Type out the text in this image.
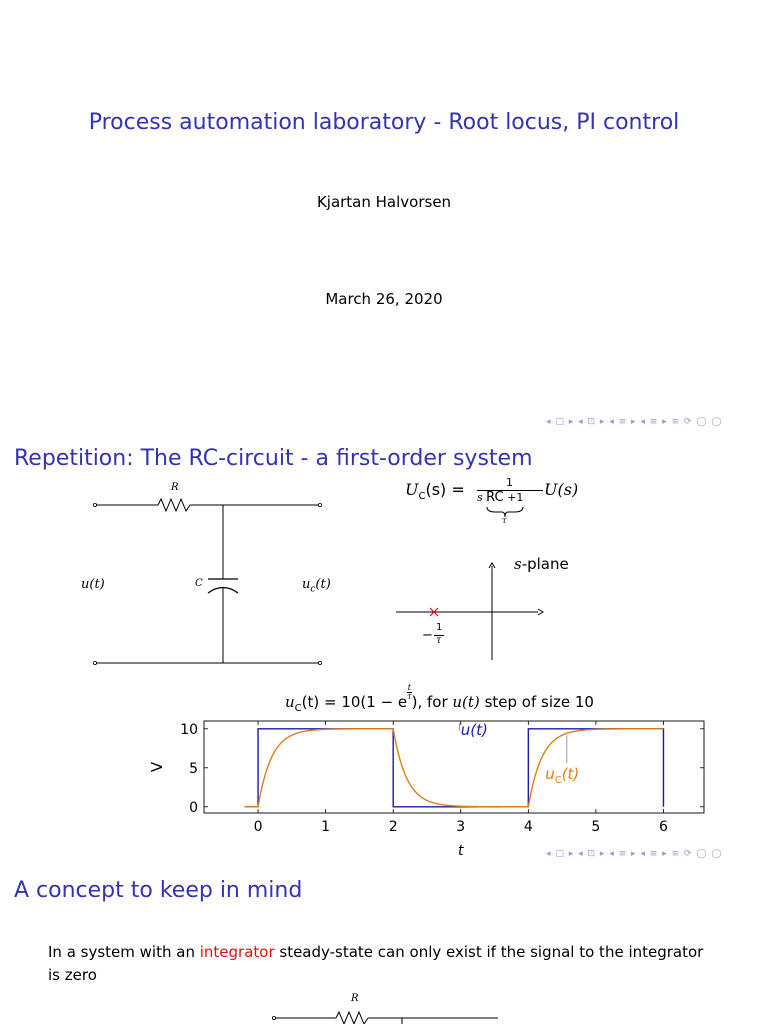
Process automation laboratory - Root locus, PI control
Kjartan Halvorsen
March 26, 2020
◂ □ ▸ ◂ ⊡ ▸ ◂ ≡ ▸ ◂ ≡ ▸ ≡ ⟳ ◯ ◯
Repetition: The RC-circuit - a first-order system
R
C
u(t)	$u_c(t)$
$U_C(s)$ =	1
s RC +1 U(s)
τ
s-plane
−
1
τ
$u_C(t) = 10(1 - e$
$\frac{t}{\tau}$
), for u(t) step of size 10
0
5
10
0	1	2	3	4	5	6
V
t
u(t)
$u_C(t)$
◂ □ ▸ ◂ ⊡ ▸ ◂ ≡ ▸ ◂ ≡ ▸ ≡ ⟳ ◯ ◯
A concept to keep in mind
In a system with an integrator steady-state can only exist if the signal to the integrator
is zero
R
